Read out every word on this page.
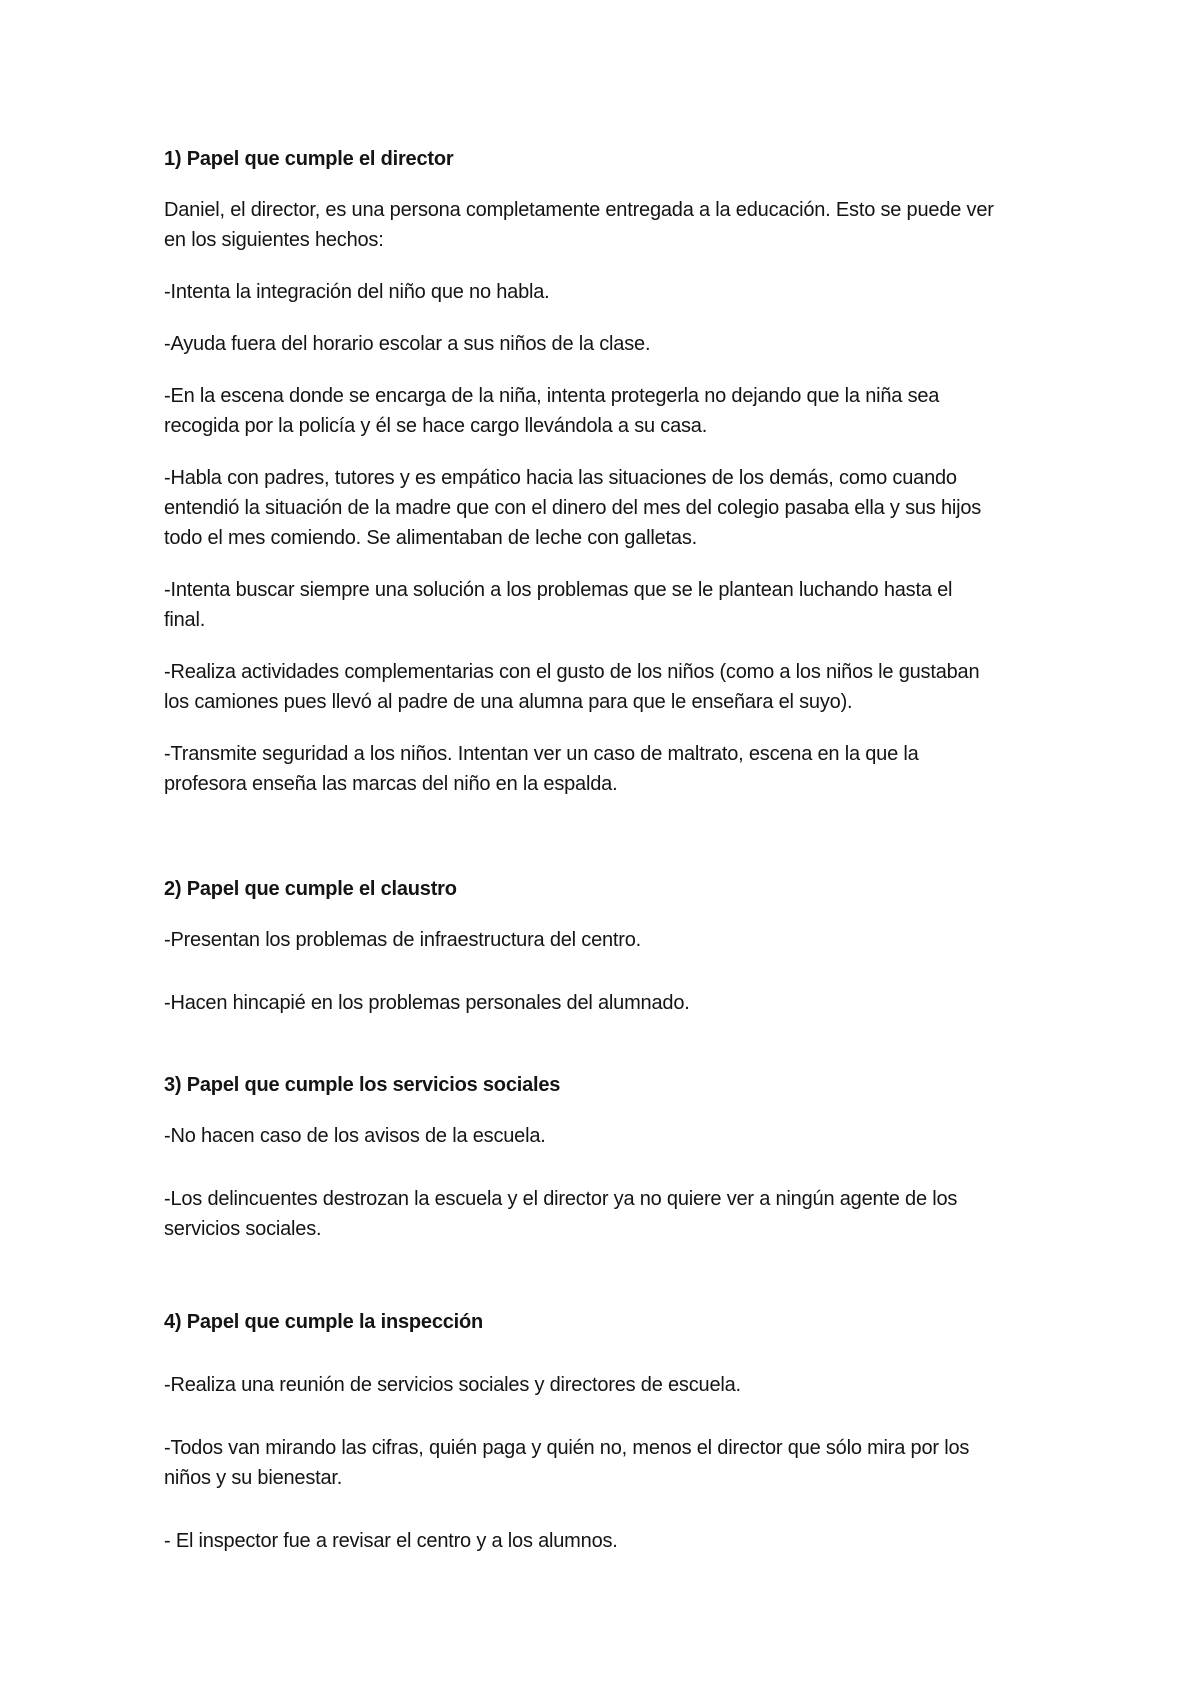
1) Papel que cumple el director

Daniel, el director, es una persona completamente entregada a la educación. Esto se puede ver
en los siguientes hechos:

-Intenta la integración del niño que no habla.

-Ayuda fuera del horario escolar a sus niños de la clase.

-En la escena donde se encarga de la niña, intenta protegerla no dejando que la niña sea
recogida por la policía y él se hace cargo llevándola a su casa.

-Habla con padres, tutores y es empático hacia las situaciones de los demás, como cuando
entendió la situación de la madre que con el dinero del mes del colegio pasaba ella y sus hijos
todo el mes comiendo. Se alimentaban de leche con galletas.

-Intenta buscar siempre una solución a los problemas que se le plantean luchando hasta el
final.

-Realiza actividades complementarias con el gusto de los niños (como a los niños le gustaban
los camiones pues llevó al padre de una alumna para que le enseñara el suyo).

-Transmite seguridad a los niños. Intentan ver un caso de maltrato, escena en la que la
profesora enseña las marcas del niño en la espalda.

2) Papel que cumple el claustro

-Presentan los problemas de infraestructura del centro.

-Hacen hincapié en los problemas personales del alumnado.

3) Papel que cumple los servicios sociales

-No hacen caso de los avisos de la escuela.

-Los delincuentes destrozan la escuela y el director ya no quiere ver a ningún agente de los
servicios sociales.

4) Papel que cumple la inspección

-Realiza una reunión de servicios sociales y directores de escuela.

-Todos van mirando las cifras, quién paga y quién no, menos el director que sólo mira por los
niños y su bienestar.

- El inspector fue a revisar el centro y a los alumnos.
